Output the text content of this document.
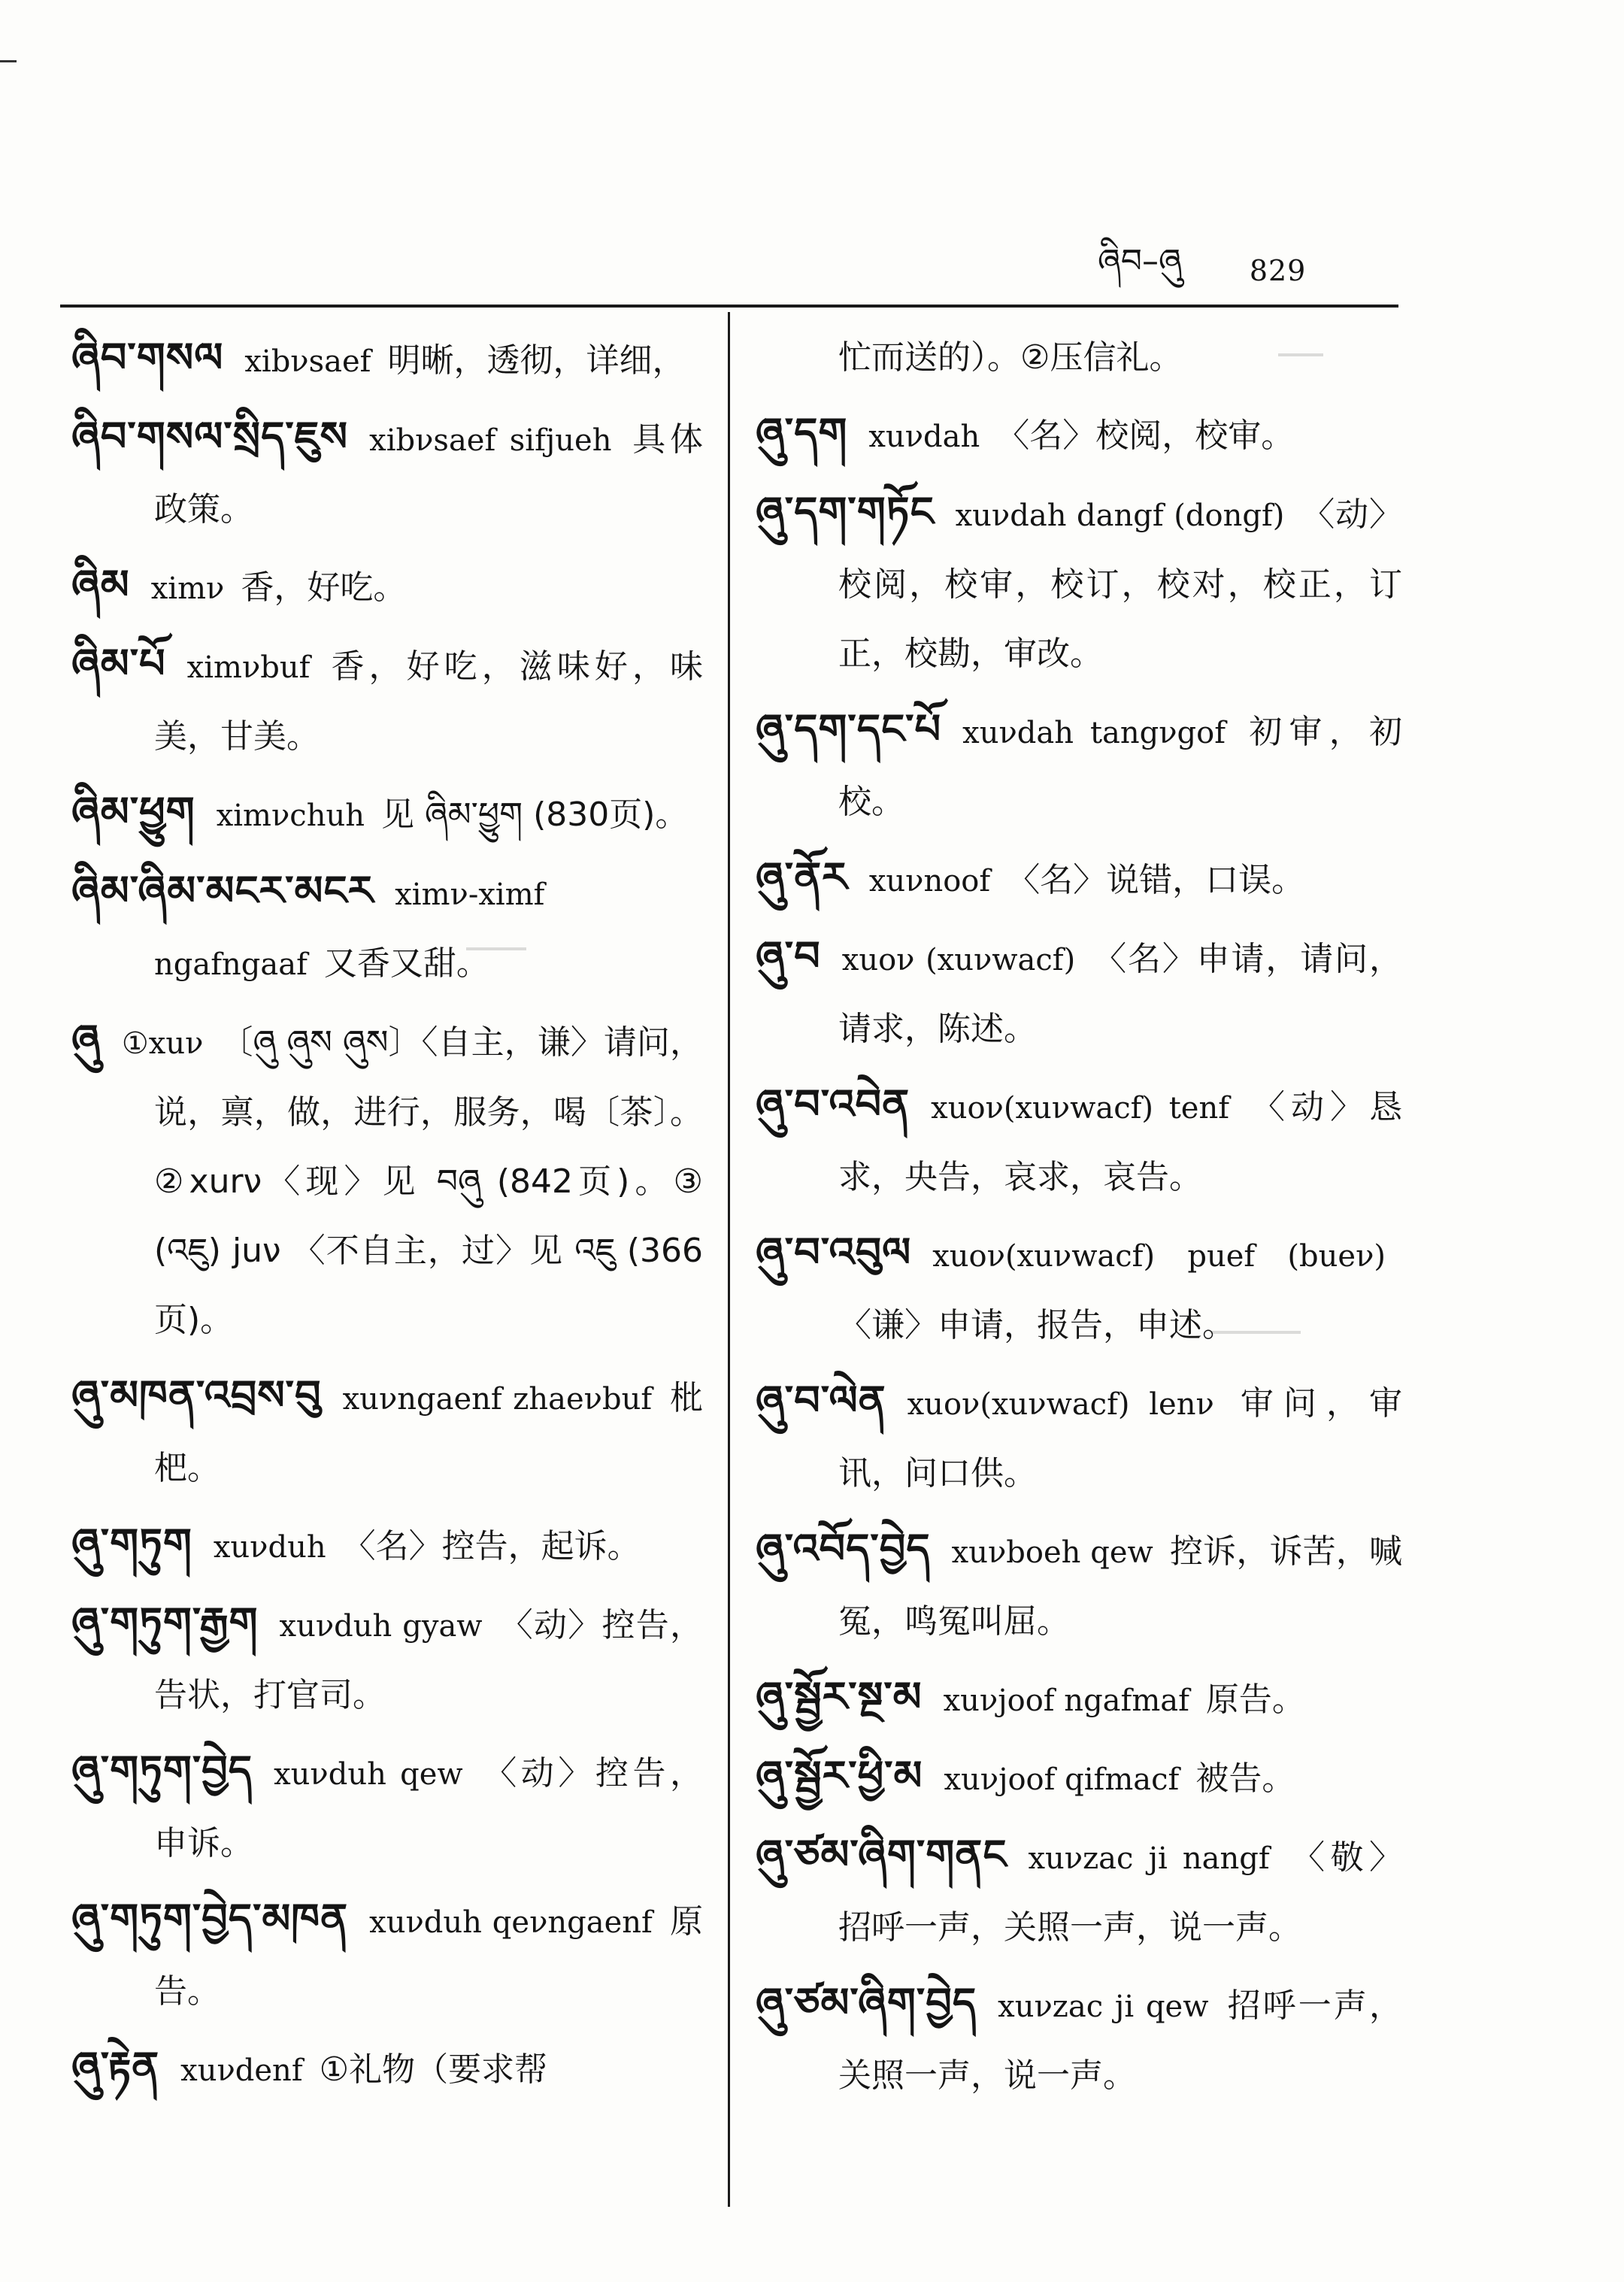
ཞིབ–ཞུ 829
ཞིབ་གསལ xibνsaef 明晰，透彻，详细，
ཞིབ་གསལ་སྲིད་ཇུས xibνsaef sifjueh 具体政策。
ཞིམ ximν 香，好吃。
ཞིམ་པོ ximνbuf 香，好吃，滋味好，味美，甘美。
ཞིམ་ཕྱུག ximνchuh 见 ཞིམ་ཕྱུག (830页)。
ཞིམ་ཞིམ་མངར་མངར ximν-ximf ngafngaaf 又香又甜。
ཞུ ①xuν 〔ཞུ ཞུས ཞུས〕〈自主，谦〉请问，说，禀，做，进行，服务，喝〔茶〕。②xurν〈现〉见 བཞུ (842页)。③ (འཇུ) juν 〈不自主，过〉见 འཇུ (366 页)。
ཞུ་མཁན་འབྲས་བུ xuνngaenf zhaeνbuf 枇杷。
ཞུ་གཏུག xuνduh 〈名〉控告，起诉。
ཞུ་གཏུག་རྒྱག xuνduh gyaw 〈动〉控告，告状，打官司。
ཞུ་གཏུག་བྱེད xuνduh qew 〈动〉控告，申诉。
ཞུ་གཏུག་བྱེད་མཁན xuνduh qeνngaenf 原告。
ཞུ་རྟེན xuνdenf ①礼物（要求帮
忙而送的）。②压信礼。
ཞུ་དག xuνdah 〈名〉校阅，校审。
ཞུ་དག་གཏོང xuνdah dangf (dongf) 〈动〉校阅，校审，校订，校对，校正，订正，校勘，审改。
ཞུ་དག་དང་པོ xuνdah tangνgof 初审，初校。
ཞུ་ནོར xuνnoof 〈名〉说错，口误。
ཞུ་བ xuoν (xuνwacf) 〈名〉申请，请问，请求，陈述。
ཞུ་བ་འབེན xuoν(xuνwacf) tenf 〈动〉恳求，央告，哀求，哀告。
ཞུ་བ་འབུལ xuoν(xuνwacf) puef (bueν)〈谦〉申请，报告，申述。
ཞུ་བ་ལེན xuoν(xuνwacf) lenν 审问，审讯，问口供。
ཞུ་འབོད་བྱེད xuνboeh qew 控诉，诉苦，喊冤，鸣冤叫屈。
ཞུ་སྦྱོར་སྔ་མ xuνjoof ngafmaf 原告。
ཞུ་སྦྱོར་ཕྱི་མ xuνjoof qifmacf 被告。
ཞུ་ཙམ་ཞིག་གནང xuνzac ji nangf 〈敬〉招呼一声，关照一声，说一声。
ཞུ་ཙམ་ཞིག་བྱེད xuνzac ji qew 招呼一声，关照一声，说一声。
